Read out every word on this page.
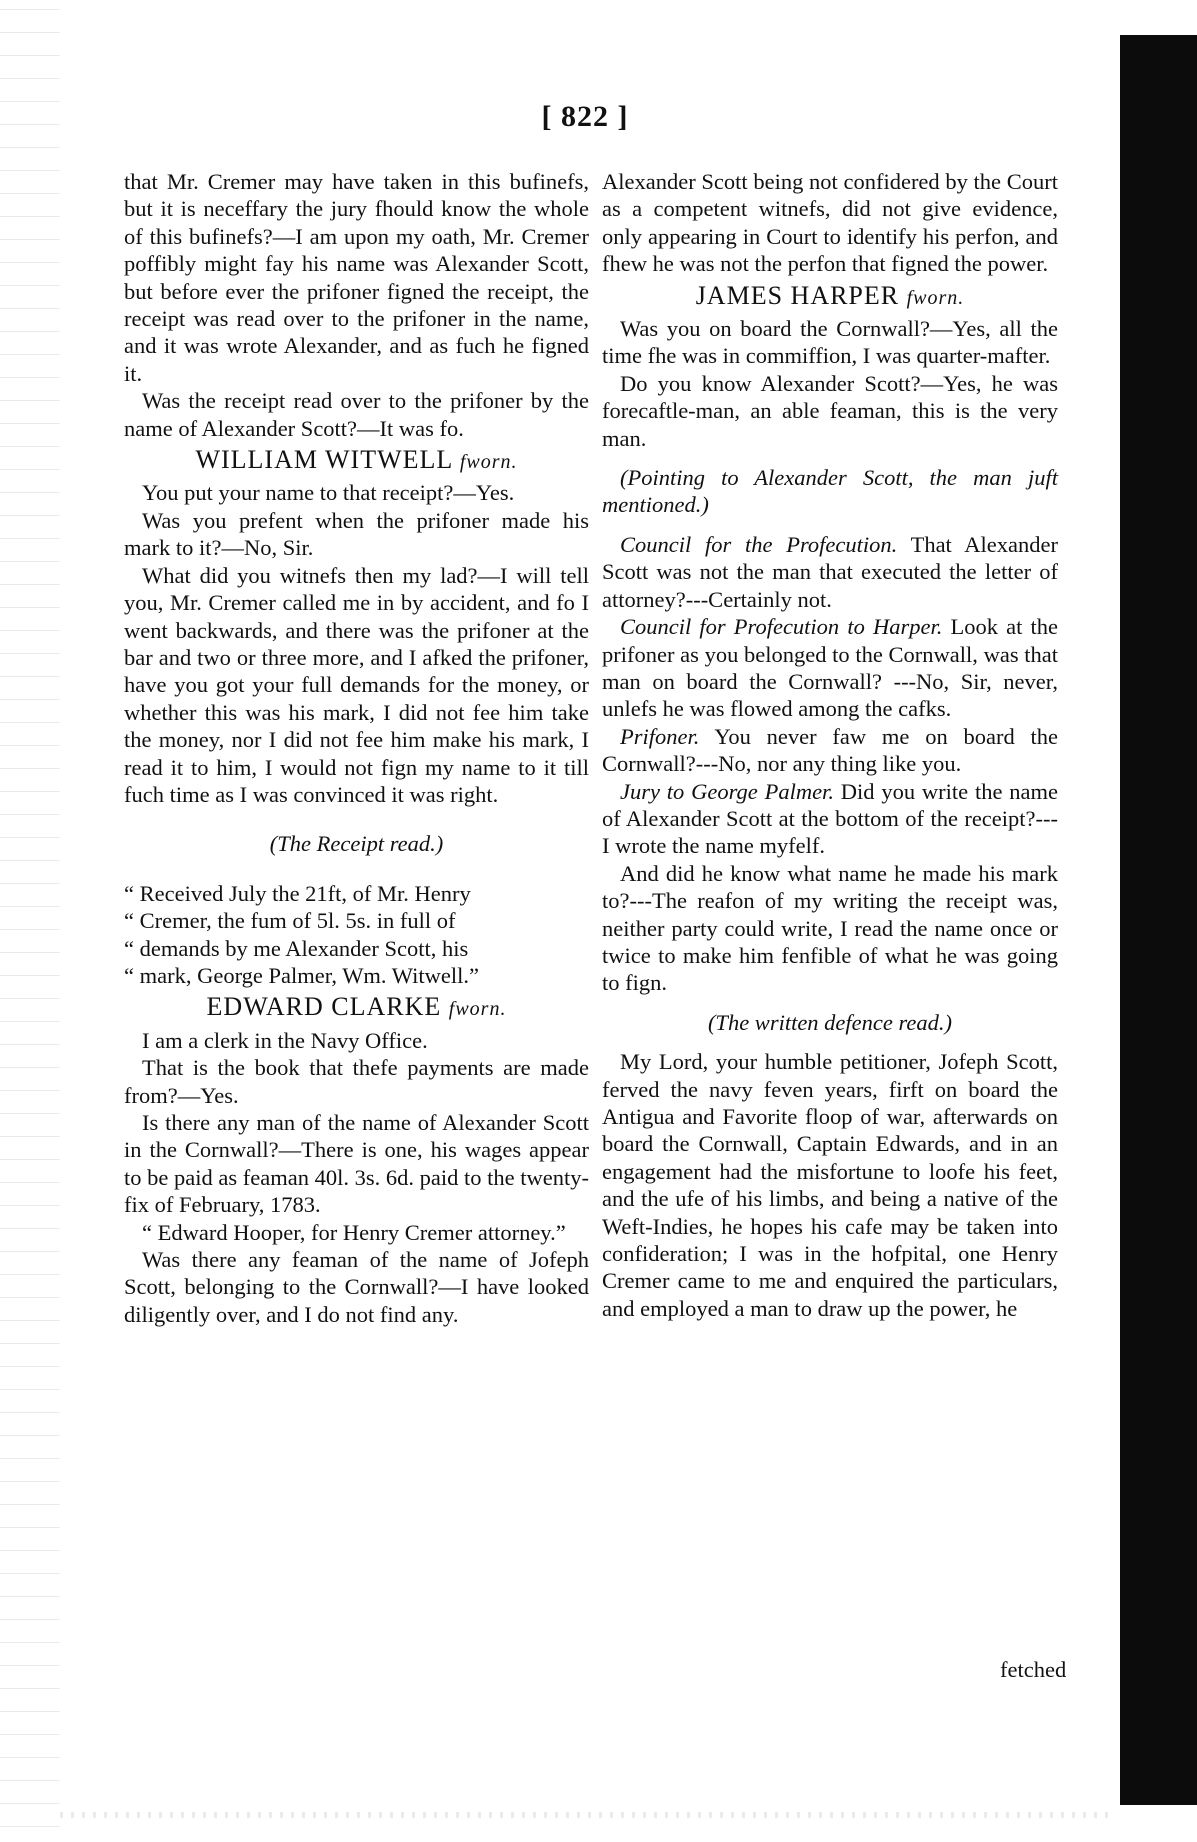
[ 822 ]

that Mr. Cremer may have taken in this bufinefs, but it is neceffary the jury fhould know the whole of this bufinefs?—I am upon my oath, Mr. Cremer poffibly might fay his name was Alexander Scott, but before ever the prifoner figned the receipt, the receipt was read over to the prifoner in the name, and it was wrote Alexander, and as fuch he figned it.

Was the receipt read over to the prifoner by the name of Alexander Scott?—It was fo.

WILLIAM WITWELL fworn.

You put your name to that receipt?—Yes.

Was you prefent when the prifoner made his mark to it?—No, Sir.

What did you witnefs then my lad?—I will tell you, Mr. Cremer called me in by accident, and fo I went backwards, and there was the prifoner at the bar and two or three more, and I afked the prifoner, have you got your full demands for the money, or whether this was his mark, I did not fee him take the money, nor I did not fee him make his mark, I read it to him, I would not fign my name to it till fuch time as I was convinced it was right.

(The Receipt read.)

“ Received July the 21ft, of Mr. Henry

“ Cremer, the fum of 5l. 5s. in full of

“ demands by me Alexander Scott, his

“ mark, George Palmer, Wm. Witwell.”

EDWARD CLARKE fworn.

I am a clerk in the Navy Office.

That is the book that thefe payments are made from?—Yes.

Is there any man of the name of Alexander Scott in the Cornwall?—There is one, his wages appear to be paid as feaman 40l. 3s. 6d. paid to the twenty-fix of February, 1783.

“ Edward Hooper, for Henry Cremer attorney.”

Was there any feaman of the name of Jofeph Scott, belonging to the Cornwall?—I have looked diligently over, and I do not find any.

Alexander Scott being not confidered by the Court as a competent witnefs, did not give evidence, only appearing in Court to identify his perfon, and fhew he was not the perfon that figned the power.

JAMES HARPER fworn.

Was you on board the Cornwall?—Yes, all the time fhe was in commiffion, I was quarter-mafter.

Do you know Alexander Scott?—Yes, he was forecaftle-man, an able feaman, this is the very man.

(Pointing to Alexander Scott, the man juft mentioned.)

Council for the Profecution. That Alexander Scott was not the man that executed the letter of attorney?---Certainly not.

Council for Profecution to Harper. Look at the prifoner as you belonged to the Cornwall, was that man on board the Cornwall? ---No, Sir, never, unlefs he was flowed among the cafks.

Prifoner. You never faw me on board the Cornwall?---No, nor any thing like you.

Jury to George Palmer. Did you write the name of Alexander Scott at the bottom of the receipt?---I wrote the name myfelf.

And did he know what name he made his mark to?---The reafon of my writing the receipt was, neither party could write, I read the name once or twice to make him fenfible of what he was going to fign.

(The written defence read.)

My Lord, your humble petitioner, Jofeph Scott, ferved the navy feven years, firft on board the Antigua and Favorite floop of war, afterwards on board the Cornwall, Captain Edwards, and in an engagement had the misfortune to loofe his feet, and the ufe of his limbs, and being a native of the Weft-Indies, he hopes his cafe may be taken into confideration; I was in the hofpital, one Henry Cremer came to me and enquired the particulars, and employed a man to draw up the power, he

fetched
